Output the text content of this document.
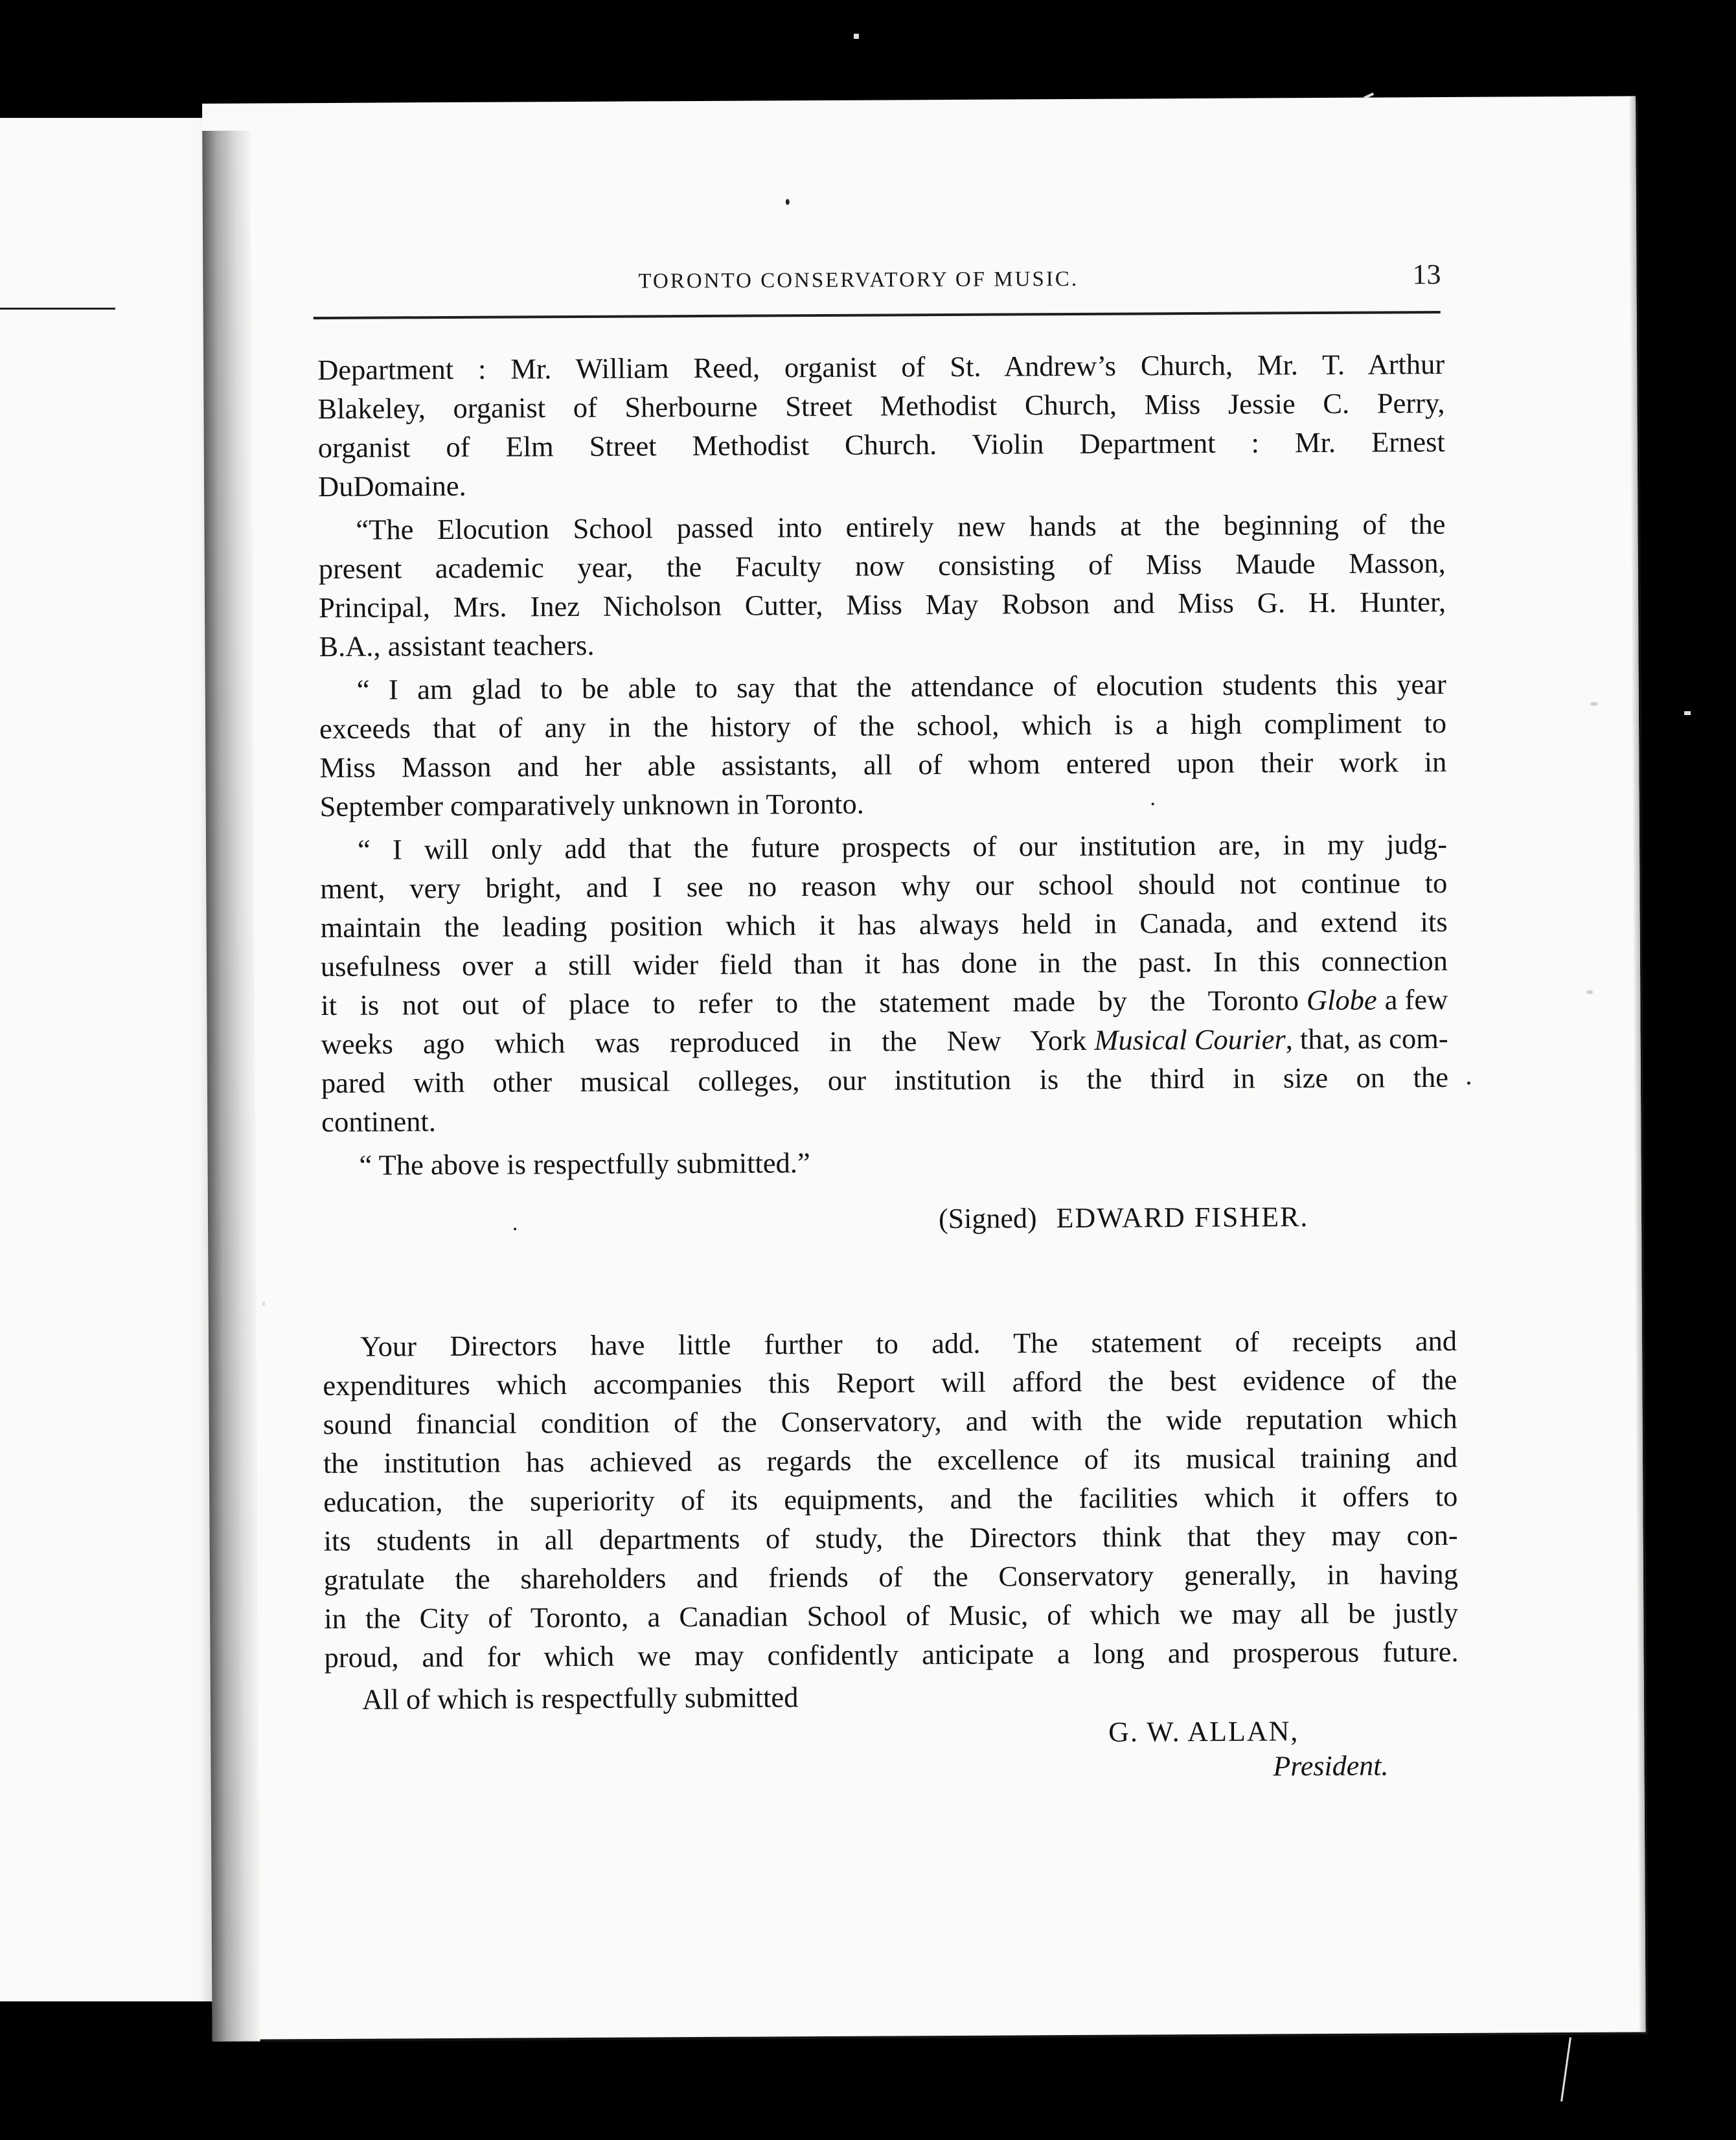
TORONTO CONSERVATORY OF MUSIC.	13
Department : Mr. William Reed, organist of St. Andrew’s Church, Mr. T. Arthur
Blakeley, organist of Sherbourne Street Methodist Church, Miss Jessie C. Perry,
organist of Elm Street Methodist Church. Violin Department : Mr. Ernest
DuDomaine.
“The Elocution School passed into entirely new hands at the beginning of the
present academic year, the Faculty now consisting of Miss Maude Masson,
Principal, Mrs. Inez Nicholson Cutter, Miss May Robson and Miss G. H. Hunter,
B.A., assistant teachers.
“ I am glad to be able to say that the attendance of elocution students this year
exceeds that of any in the history of the school, which is a high compliment to
Miss Masson and her able assistants, all of whom entered upon their work in
September comparatively unknown in Toronto.
“ I will only add that the future prospects of our institution are, in my judg-
ment, very bright, and I see no reason why our school should not continue to
maintain the leading position which it has always held in Canada, and extend its
usefulness over a still wider field than it has done in the past. In this connection
it is not out of place to refer to the statement made by the Toronto Globe a few
weeks ago which was reproduced in the New York Musical Courier , that, as com-
pared with other musical colleges, our institution is the third in size on the
continent.
“ The above is respectfully submitted.”
(Signed) EDWARD FISHER.
Your Directors have little further to add. The statement of receipts and
expenditures which accompanies this Report will afford the best evidence of the
sound financial condition of the Conservatory, and with the wide reputation which
the institution has achieved as regards the excellence of its musical training and
education, the superiority of its equipments, and the facilities which it offers to
its students in all departments of study, the Directors think that they may con-
gratulate the shareholders and friends of the Conservatory generally, in having
in the City of Toronto, a Canadian School of Music, of which we may all be justly
proud, and for which we may confidently anticipate a long and prosperous future.
All of which is respectfully submitted
G. W. ALLAN,
President.
